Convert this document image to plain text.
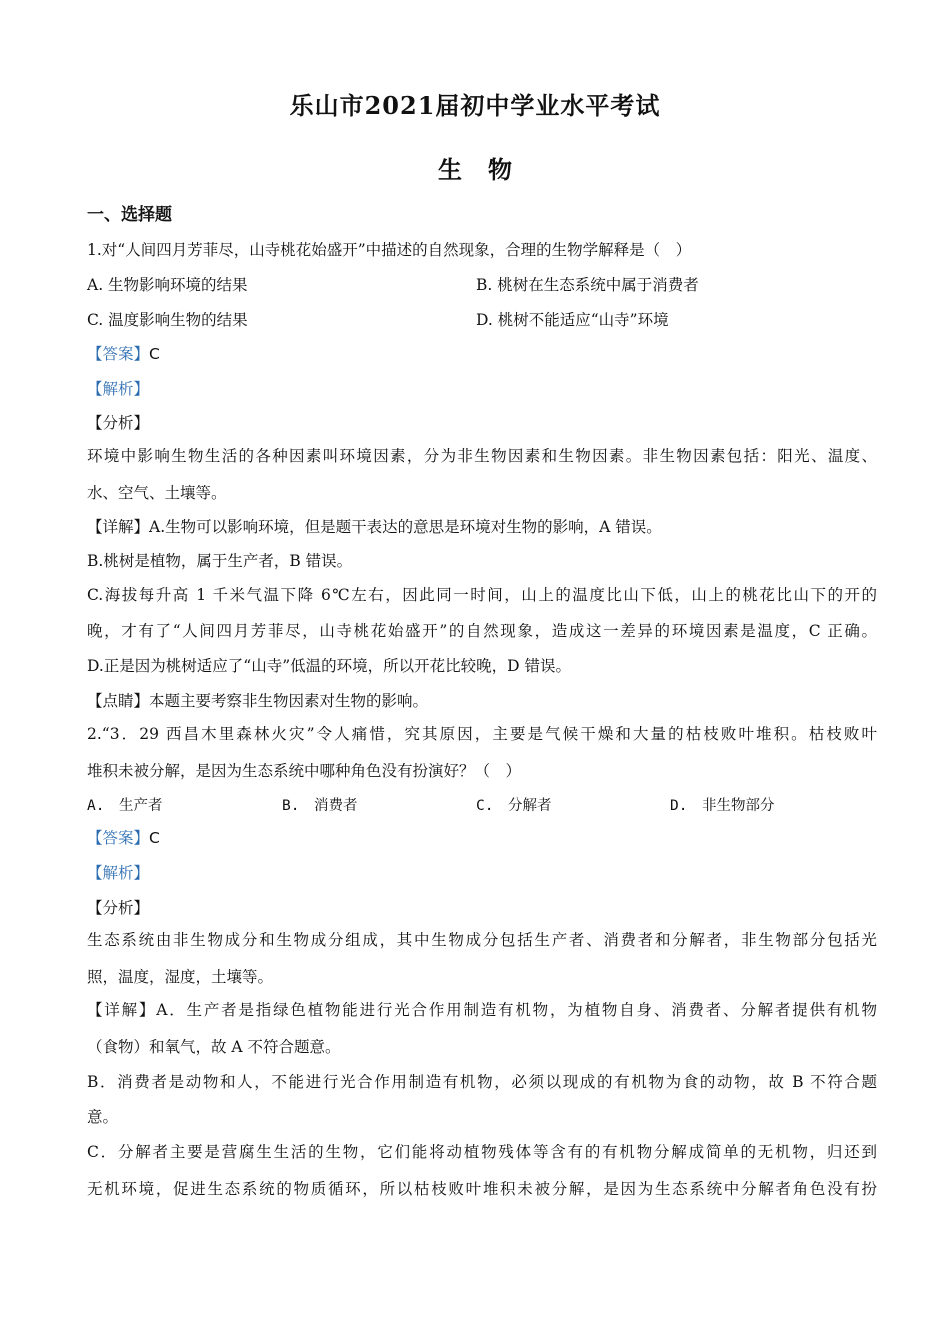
乐山市2021届初中学业水平考试
生物
一、选择题
1.对“人间四月芳菲尽，山寺桃花始盛开”中描述的自然现象，合理的生物学解释是（　）
A. 生物影响环境的结果	B. 桃树在生态系统中属于消费者
C. 温度影响生物的结果	D. 桃树不能适应“山寺”环境
【答案】C
【解析】
【分析】
环境中影响生物生活的各种因素叫环境因素，分为非生物因素和生物因素。非生物因素包括：阳光、温度、
水、空气、土壤等。
【详解】A.生物可以影响环境，但是题干表达的意思是环境对生物的影响，A 错误。
B.桃树是植物，属于生产者，B 错误。
C.海拔每升高 1 千米气温下降 6℃左右，因此同一时间，山上的温度比山下低，山上的桃花比山下的开的
晚，才有了“人间四月芳菲尽，山寺桃花始盛开”的自然现象，造成这一差异的环境因素是温度，C 正确。
D.正是因为桃树适应了“山寺”低温的环境，所以开花比较晚，D 错误。
【点睛】本题主要考察非生物因素对生物的影响。
2.“3．29 西昌木里森林火灾”令人痛惜，究其原因，主要是气候干燥和大量的枯枝败叶堆积。枯枝败叶
堆积未被分解，是因为生态系统中哪种角色没有扮演好？（　）
A.　生产者	B.　消费者	C.　分解者	D.　非生物部分
【答案】C
【解析】
【分析】
生态系统由非生物成分和生物成分组成，其中生物成分包括生产者、消费者和分解者，非生物部分包括光
照，温度，湿度，土壤等。
【详解】A．生产者是指绿色植物能进行光合作用制造有机物，为植物自身、消费者、分解者提供有机物
（食物）和氧气，故 A 不符合题意。
B．消费者是动物和人，不能进行光合作用制造有机物，必须以现成的有机物为食的动物，故 B 不符合题
意。
C．分解者主要是营腐生生活的生物，它们能将动植物残体等含有的有机物分解成简单的无机物，归还到
无机环境，促进生态系统的物质循环，所以枯枝败叶堆积未被分解，是因为生态系统中分解者角色没有扮
